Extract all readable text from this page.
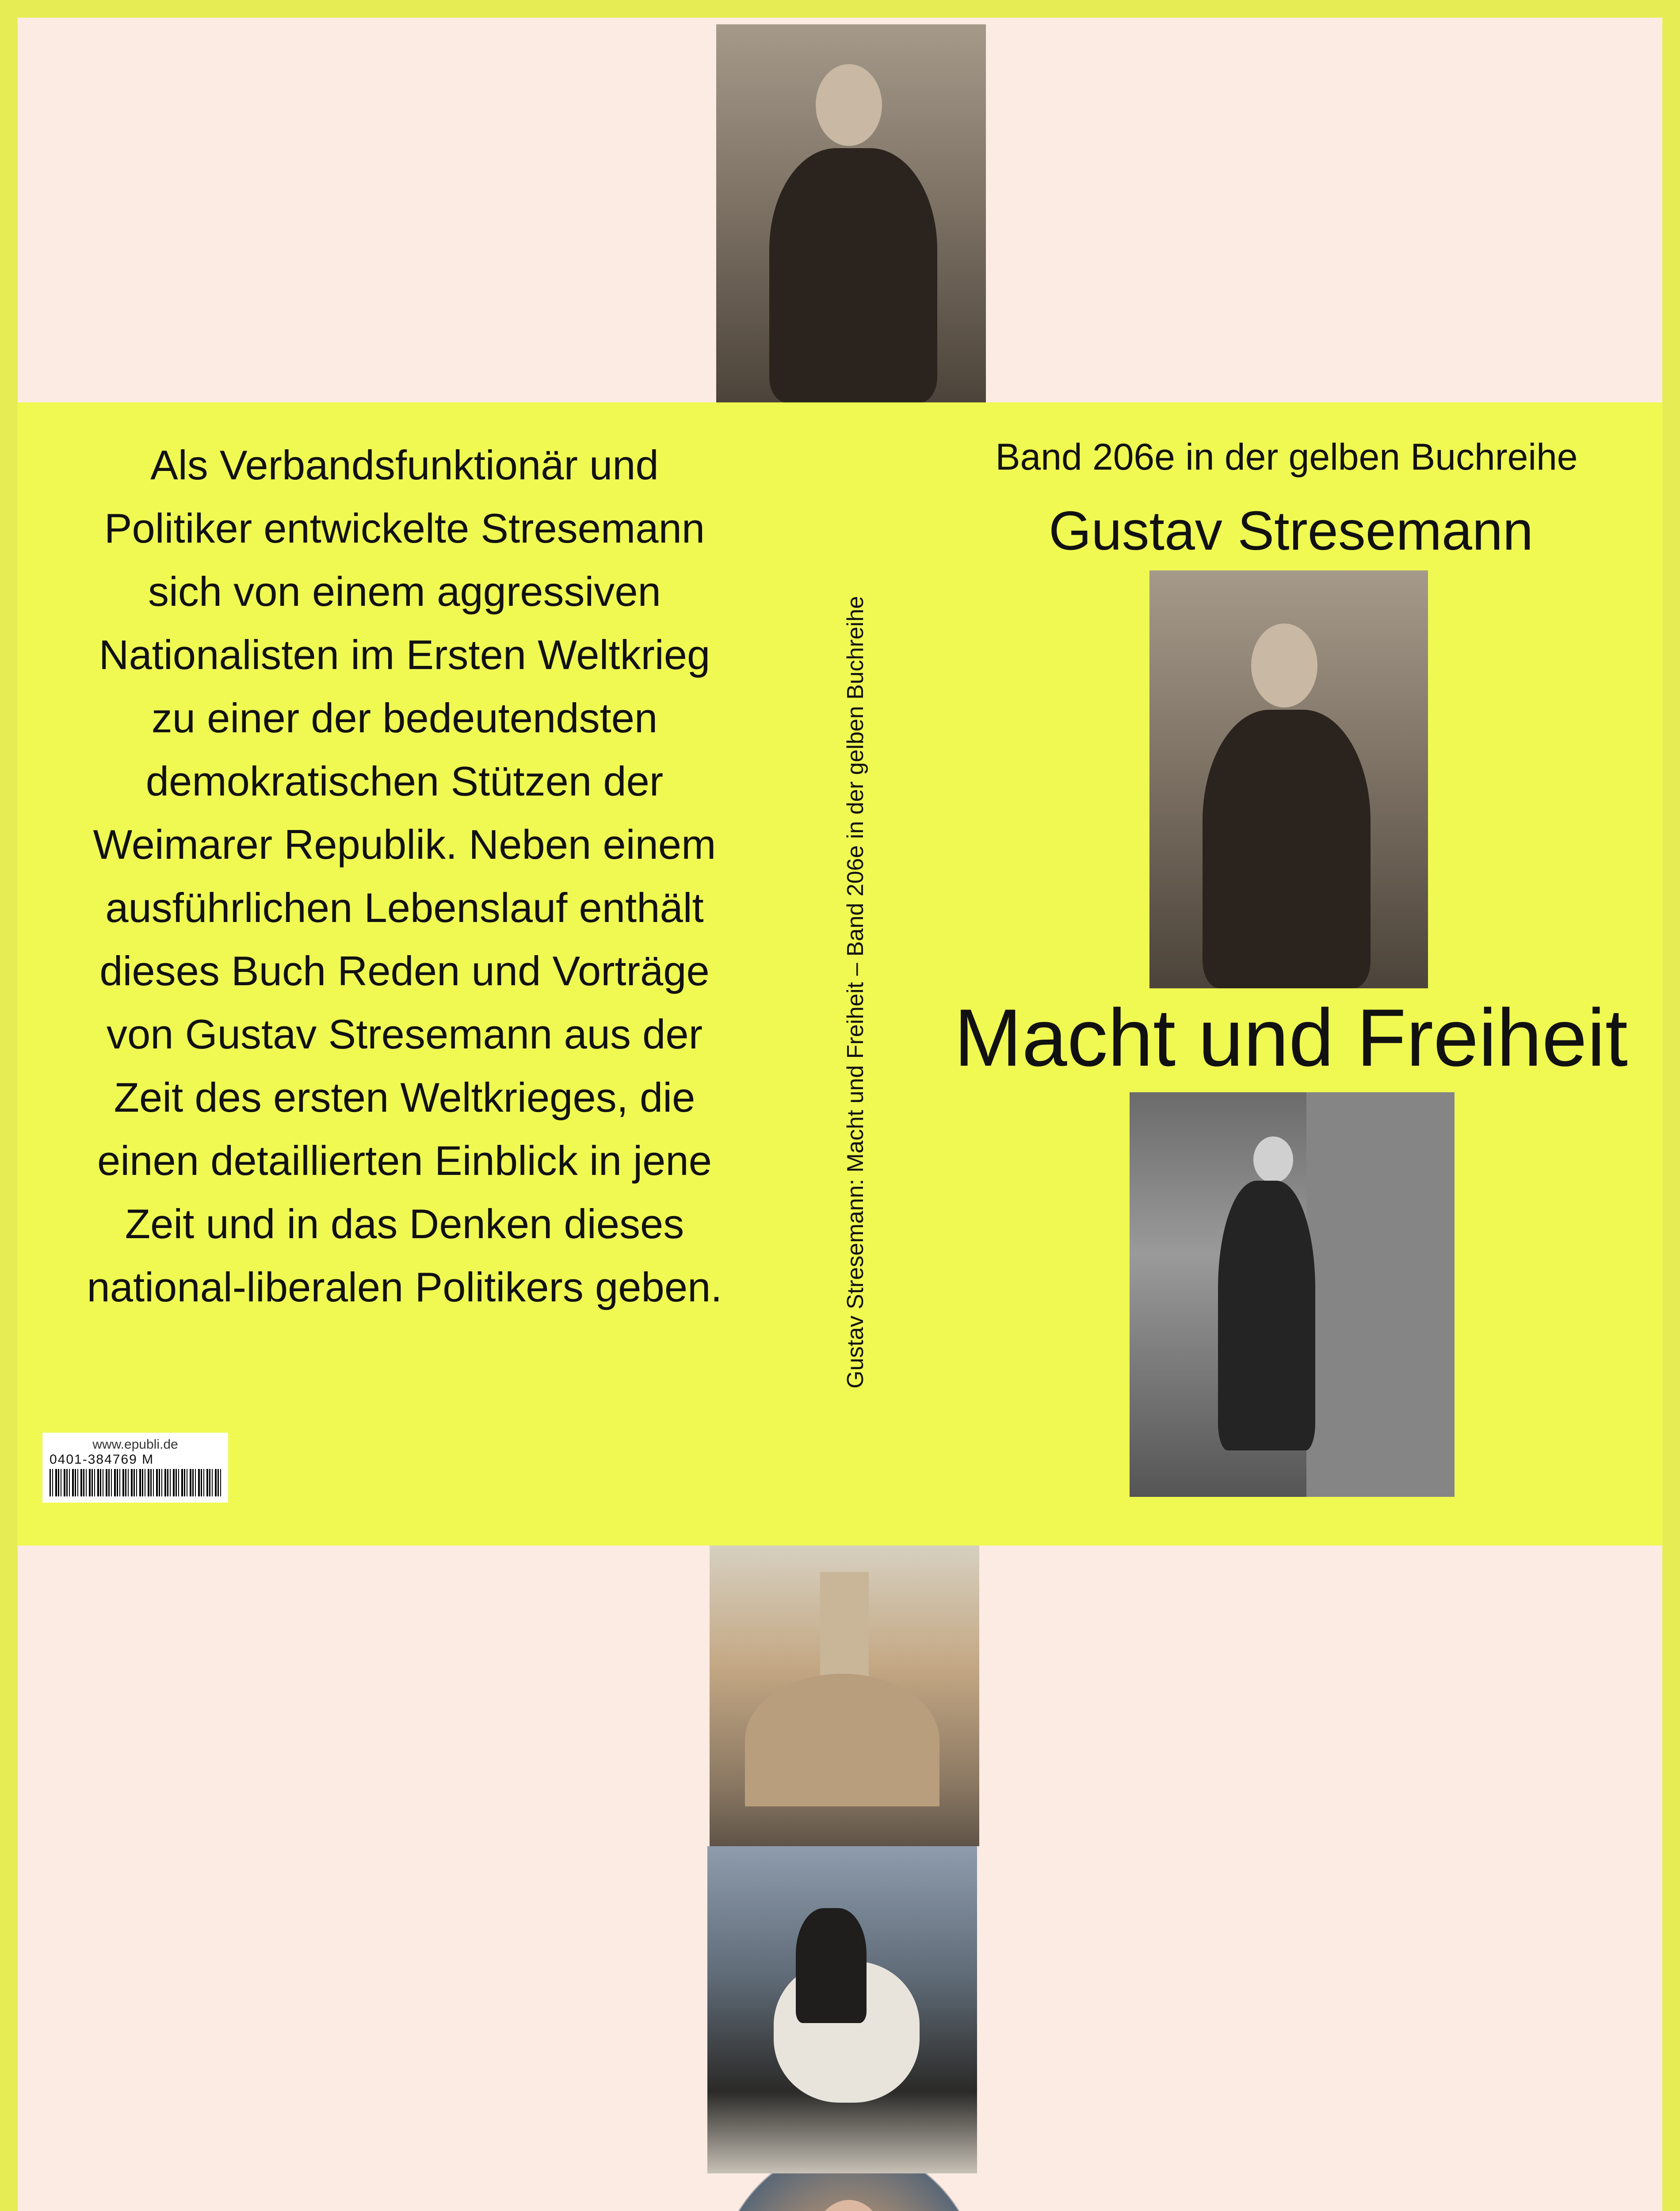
Als Verbandsfunktionär und
Politiker entwickelte Stresemann
sich von einem aggressiven
Nationalisten im Ersten Weltkrieg
zu einer der bedeutendsten
demokratischen Stützen der
Weimarer Republik. Neben einem
ausführlichen Lebenslauf enthält
dieses Buch Reden und Vorträge
von Gustav Stresemann aus der
Zeit des ersten Weltkrieges, die
einen detaillierten Einblick in jene
Zeit und in das Denken dieses
national-liberalen Politikers geben.	Gustav Stresemann: Macht und Freiheit – Band 206e in der gelben Buchreihe
Band 206e in der gelben Buchreihe
Gustav Stresemann
Macht und Freiheit
www.epubli.de
0401-384769 M
